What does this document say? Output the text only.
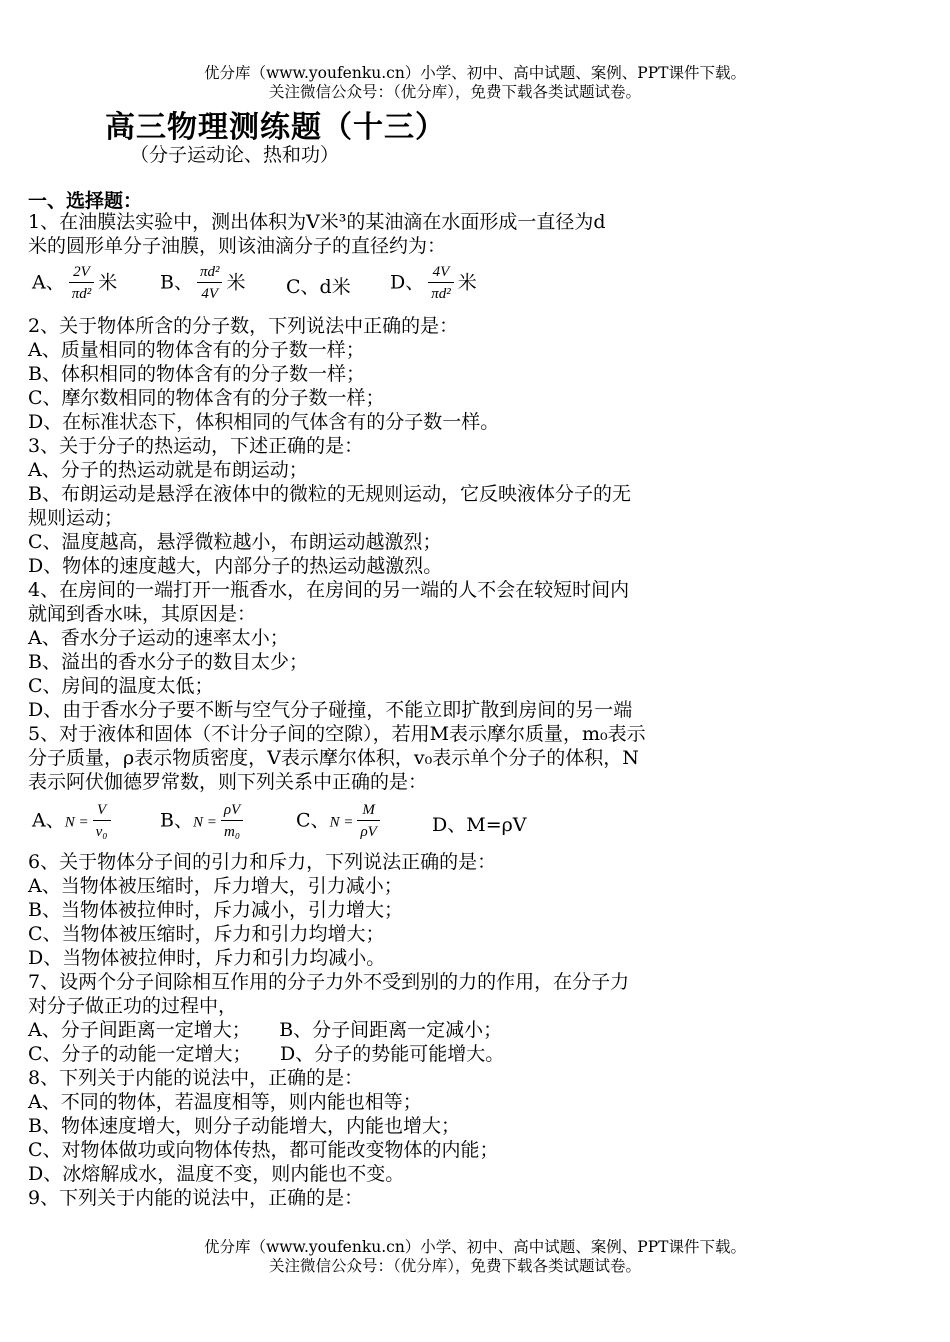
优分库（www.youfenku.cn）小学、初中、高中试题、案例、PPT课件下载。
关注微信公众号：（优分库），免费下载各类试题试卷。
高三物理测练题（十三）
（分子运动论、热和功）
一、选择题：
1、在油膜法实验中，测出体积为V米³的某油滴在水面形成一直径为d
米的圆形单分子油膜，则该油滴分子的直径约为：
A、 $\frac{2V}{\text{πd²}}$ 米 B、 $\frac{\text{πd²}}{4V}$ 米 C、d米 D、 $\frac{4V}{\text{πd²}}$ 米
2、关于物体所含的分子数，下列说法中正确的是：
A、质量相同的物体含有的分子数一样；
B、体积相同的物体含有的分子数一样；
C、摩尔数相同的物体含有的分子数一样；
D、在标准状态下，体积相同的气体含有的分子数一样。
3、关于分子的热运动，下述正确的是：
A、分子的热运动就是布朗运动；
B、布朗运动是悬浮在液体中的微粒的无规则运动，它反映液体分子的无
规则运动；
C、温度越高，悬浮微粒越小，布朗运动越激烈；
D、物体的速度越大，内部分子的热运动越激烈。
4、在房间的一端打开一瓶香水，在房间的另一端的人不会在较短时间内
就闻到香水味，其原因是：
A、香水分子运动的速率太小；
B、溢出的香水分子的数目太少；
C、房间的温度太低；
D、由于香水分子要不断与空气分子碰撞，不能立即扩散到房间的另一端
5、对于液体和固体（不计分子间的空隙），若用M表示摩尔质量，m₀表示
分子质量，ρ表示物质密度，V表示摩尔体积，v₀表示单个分子的体积，N
表示阿伏伽德罗常数，则下列关系中正确的是：
A、$N = \frac{V}{\text{v₀}}$	B、$N = \frac{\rho V}{\text{m₀}}$	C、$N = \frac{M}{\rho V}$	D、M=ρV
6、关于物体分子间的引力和斥力，下列说法正确的是：
A、当物体被压缩时，斥力增大，引力减小；
B、当物体被拉伸时，斥力减小，引力增大；
C、当物体被压缩时，斥力和引力均增大；
D、当物体被拉伸时，斥力和引力均减小。
7、设两个分子间除相互作用的分子力外不受到别的力的作用，在分子力
对分子做正功的过程中，
A、分子间距离一定增大；　　B、分子间距离一定减小；
C、分子的动能一定增大；　　D、分子的势能可能增大。
8、下列关于内能的说法中，正确的是：
A、不同的物体，若温度相等，则内能也相等；
B、物体速度增大，则分子动能增大，内能也增大；
C、对物体做功或向物体传热，都可能改变物体的内能；
D、冰熔解成水，温度不变，则内能也不变。
9、下列关于内能的说法中，正确的是：
优分库（www.youfenku.cn）小学、初中、高中试题、案例、PPT课件下载。
关注微信公众号：（优分库），免费下载各类试题试卷。
